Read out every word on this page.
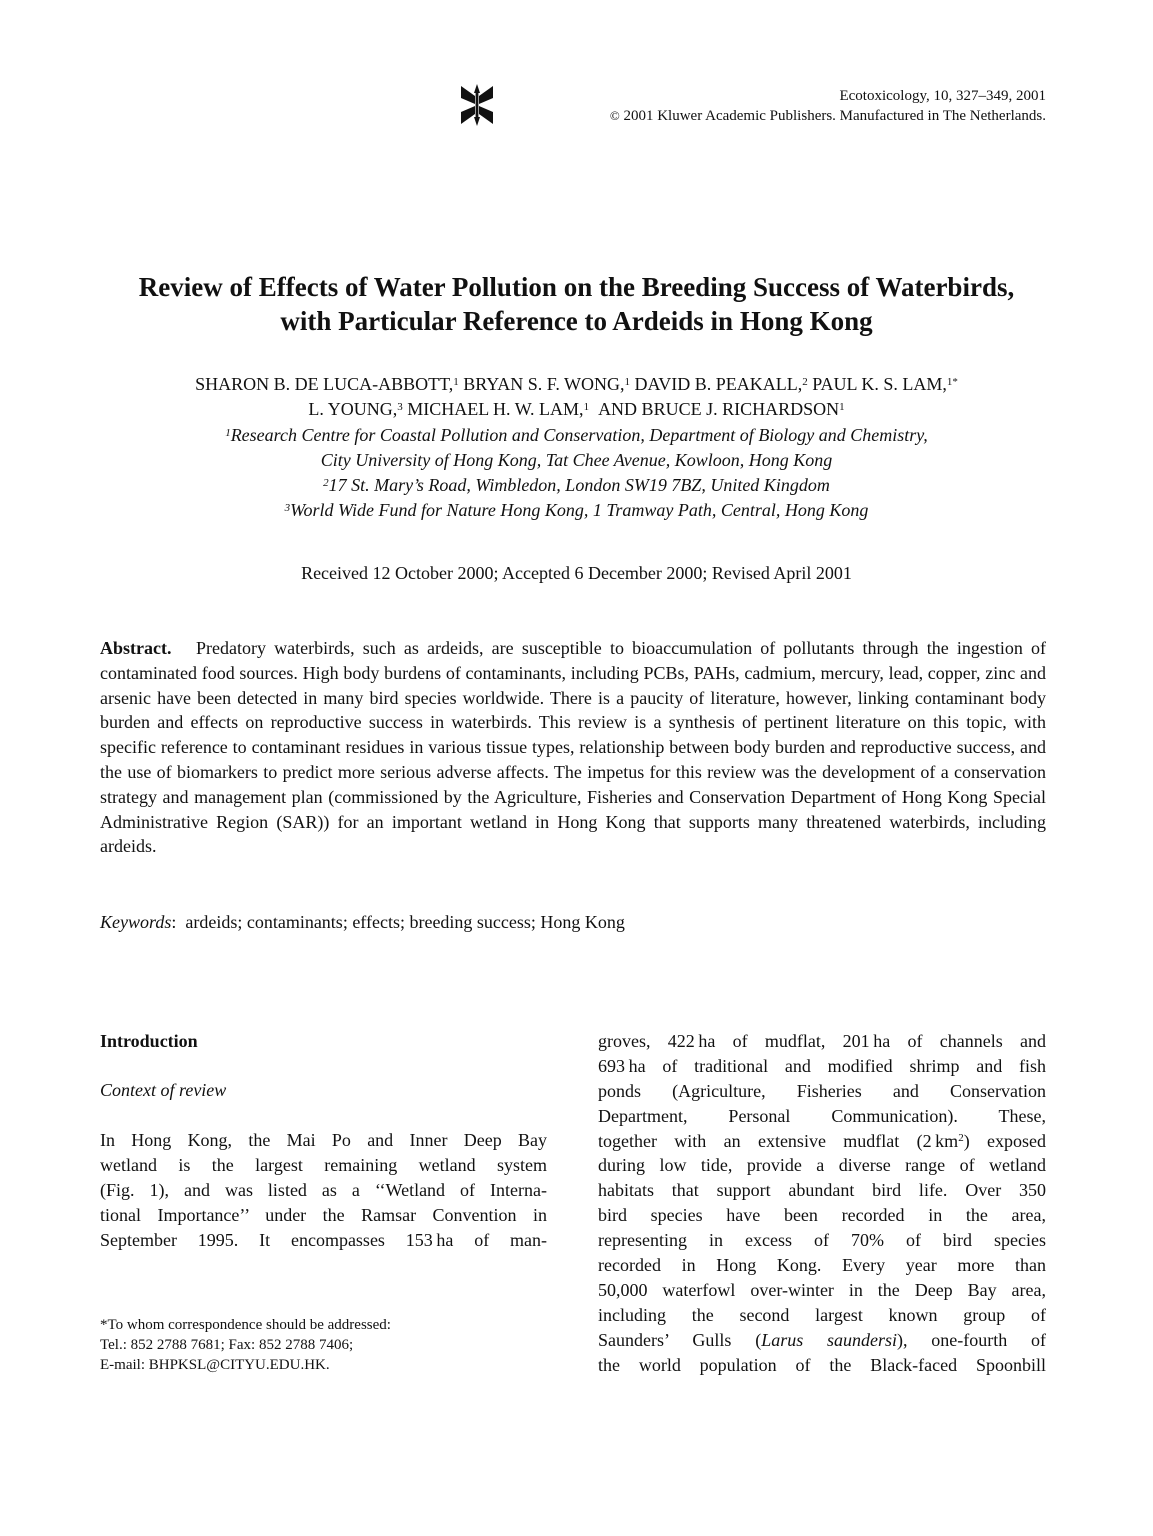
Ecotoxicology, 10, 327–349, 2001
© 2001 Kluwer Academic Publishers. Manufactured in The Netherlands.
Review of Effects of Water Pollution on the Breeding Success of Waterbirds,
with Particular Reference to Ardeids in Hong Kong
SHARON B. DE LUCA-ABBOTT,$^1$ BRYAN S. F. WONG,$^1$ DAVID B. PEAKALL,$^2$ PAUL K. S. LAM,$^{1*}$
L. YOUNG,$^3$ MICHAEL H. W. LAM,$^1$ AND BRUCE J. RICHARDSON$^1$
$^1$Research Centre for Coastal Pollution and Conservation, Department of Biology and Chemistry,
City University of Hong Kong, Tat Chee Avenue, Kowloon, Hong Kong
$^2$17 St. Mary’s Road, Wimbledon, London SW19 7BZ, United Kingdom
$^3$World Wide Fund for Nature Hong Kong, 1 Tramway Path, Central, Hong Kong
Received 12 October 2000; Accepted 6 December 2000; Revised April 2001
Abstract. Predatory waterbirds, such as ardeids, are susceptible to bioaccumulation of pollutants through the ingestion of contaminated food sources. High body burdens of contaminants, including PCBs, PAHs, cadmium, mercury, lead, copper, zinc and arsenic have been detected in many bird species worldwide. There is a paucity of literature, however, linking contaminant body burden and effects on reproductive success in waterbirds. This review is a synthesis of pertinent literature on this topic, with specific reference to contaminant residues in various tissue types, relationship between body burden and reproductive success, and the use of biomarkers to predict more serious adverse affects. The impetus for this review was the development of a conservation strategy and management plan (commissioned by the Agriculture, Fisheries and Conservation Department of Hong Kong Special Administrative Region (SAR)) for an important wetland in Hong Kong that supports many threatened waterbirds, including ardeids.
Keywords:  ardeids; contaminants; effects; breeding success; Hong Kong
Introduction
Context of review
In Hong Kong, the Mai Po and Inner Deep Bay
wetland is the largest remaining wetland system
(Fig. 1), and was listed as a ‘‘Wetland of Interna-
tional Importance’’ under the Ramsar Convention in
September 1995. It encompasses 153 ha of man-
*To whom correspondence should be addressed:
Tel.: 852 2788 7681; Fax: 852 2788 7406;
E-mail: BHPKSL@CITYU.EDU.HK.
groves, 422 ha of mudflat, 201 ha of channels and
693 ha of traditional and modified shrimp and fish
ponds (Agriculture, Fisheries and Conservation
Department, Personal Communication). These,
together with an extensive mudflat (2 $km^2$) exposed
during low tide, provide a diverse range of wetland
habitats that support abundant bird life. Over 350
bird species have been recorded in the area,
representing in excess of 70% of bird species
recorded in Hong Kong. Every year more than
50,000 waterfowl over-winter in the Deep Bay area,
including the second largest known group of
Saunders’ Gulls (Larus saundersi), one-fourth of
the world population of the Black-faced Spoonbill
